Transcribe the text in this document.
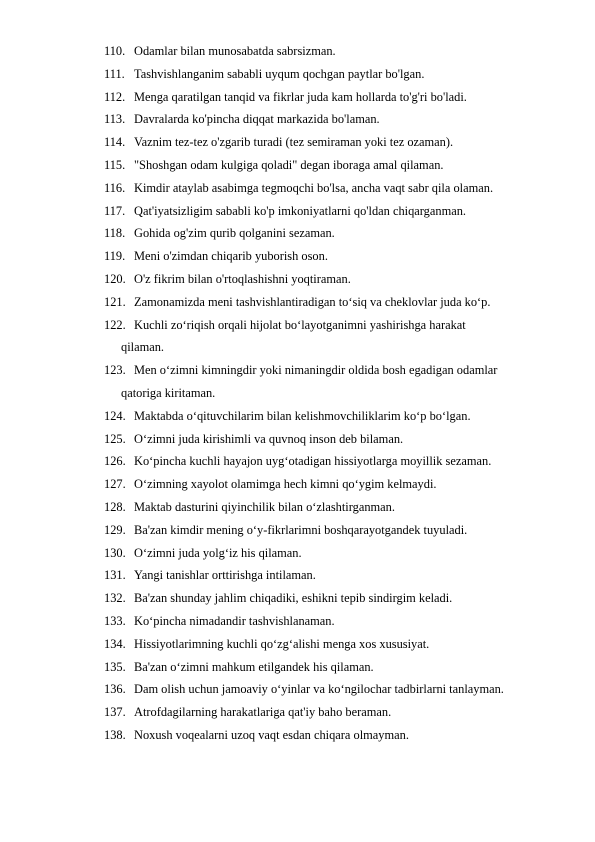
110. Odamlar bilan munosabatda sabrsizman.
111. Tashvishlanganim sababli uyqum qochgan paytlar bo'lgan.
112. Menga qaratilgan tanqid va fikrlar juda kam hollarda to'g'ri bo'ladi.
113. Davralarda ko'pincha diqqat markazida bo'laman.
114. Vaznim tez-tez o'zgarib turadi (tez semiraman yoki tez ozaman).
115. "Shoshgan odam kulgiga qoladi" degan iboraga amal qilaman.
116. Kimdir ataylab asabimga tegmoqchi bo'lsa, ancha vaqt sabr qila olaman.
117. Qat'iyatsizligim sababli ko'p imkoniyatlarni qo'ldan chiqarganman.
118. Gohida og'zim qurib qolganini sezaman.
119. Meni o'zimdan chiqarib yuborish oson.
120. O'z fikrim bilan o'rtoqlashishni yoqtiraman.
121. Zamonamizda meni tashvishlantiradigan to‘siq va cheklovlar juda ko‘p.
122. Kuchli zo‘riqish orqali hijolat bo‘layotganimni yashirishga harakat
qilaman.
123. Men o‘zimni kimningdir yoki nimaningdir oldida bosh egadigan odamlar
qatoriga kiritaman.
124. Maktabda o‘qituvchilarim bilan kelishmovchiliklarim ko‘p bo‘lgan.
125. O‘zimni juda kirishimli va quvnoq inson deb bilaman.
126. Ko‘pincha kuchli hayajon uyg‘otadigan hissiyotlarga moyillik sezaman.
127. O‘zimning xayolot olamimga hech kimni qo‘ygim kelmaydi.
128. Maktab dasturini qiyinchilik bilan o‘zlashtirganman.
129. Ba'zan kimdir mening o‘y-fikrlarimni boshqarayotgandek tuyuladi.
130. O‘zimni juda yolg‘iz his qilaman.
131. Yangi tanishlar orttirishga intilaman.
132. Ba'zan shunday jahlim chiqadiki, eshikni tepib sindirgim keladi.
133. Ko‘pincha nimadandir tashvishlanaman.
134. Hissiyotlarimning kuchli qo‘zg‘alishi menga xos xususiyat.
135. Ba'zan o‘zimni mahkum etilgandek his qilaman.
136. Dam olish uchun jamoaviy o‘yinlar va ko‘ngilochar tadbirlarni tanlayman.
137. Atrofdagilarning harakatlariga qat'iy baho beraman.
138. Noxush voqealarni uzoq vaqt esdan chiqara olmayman.
